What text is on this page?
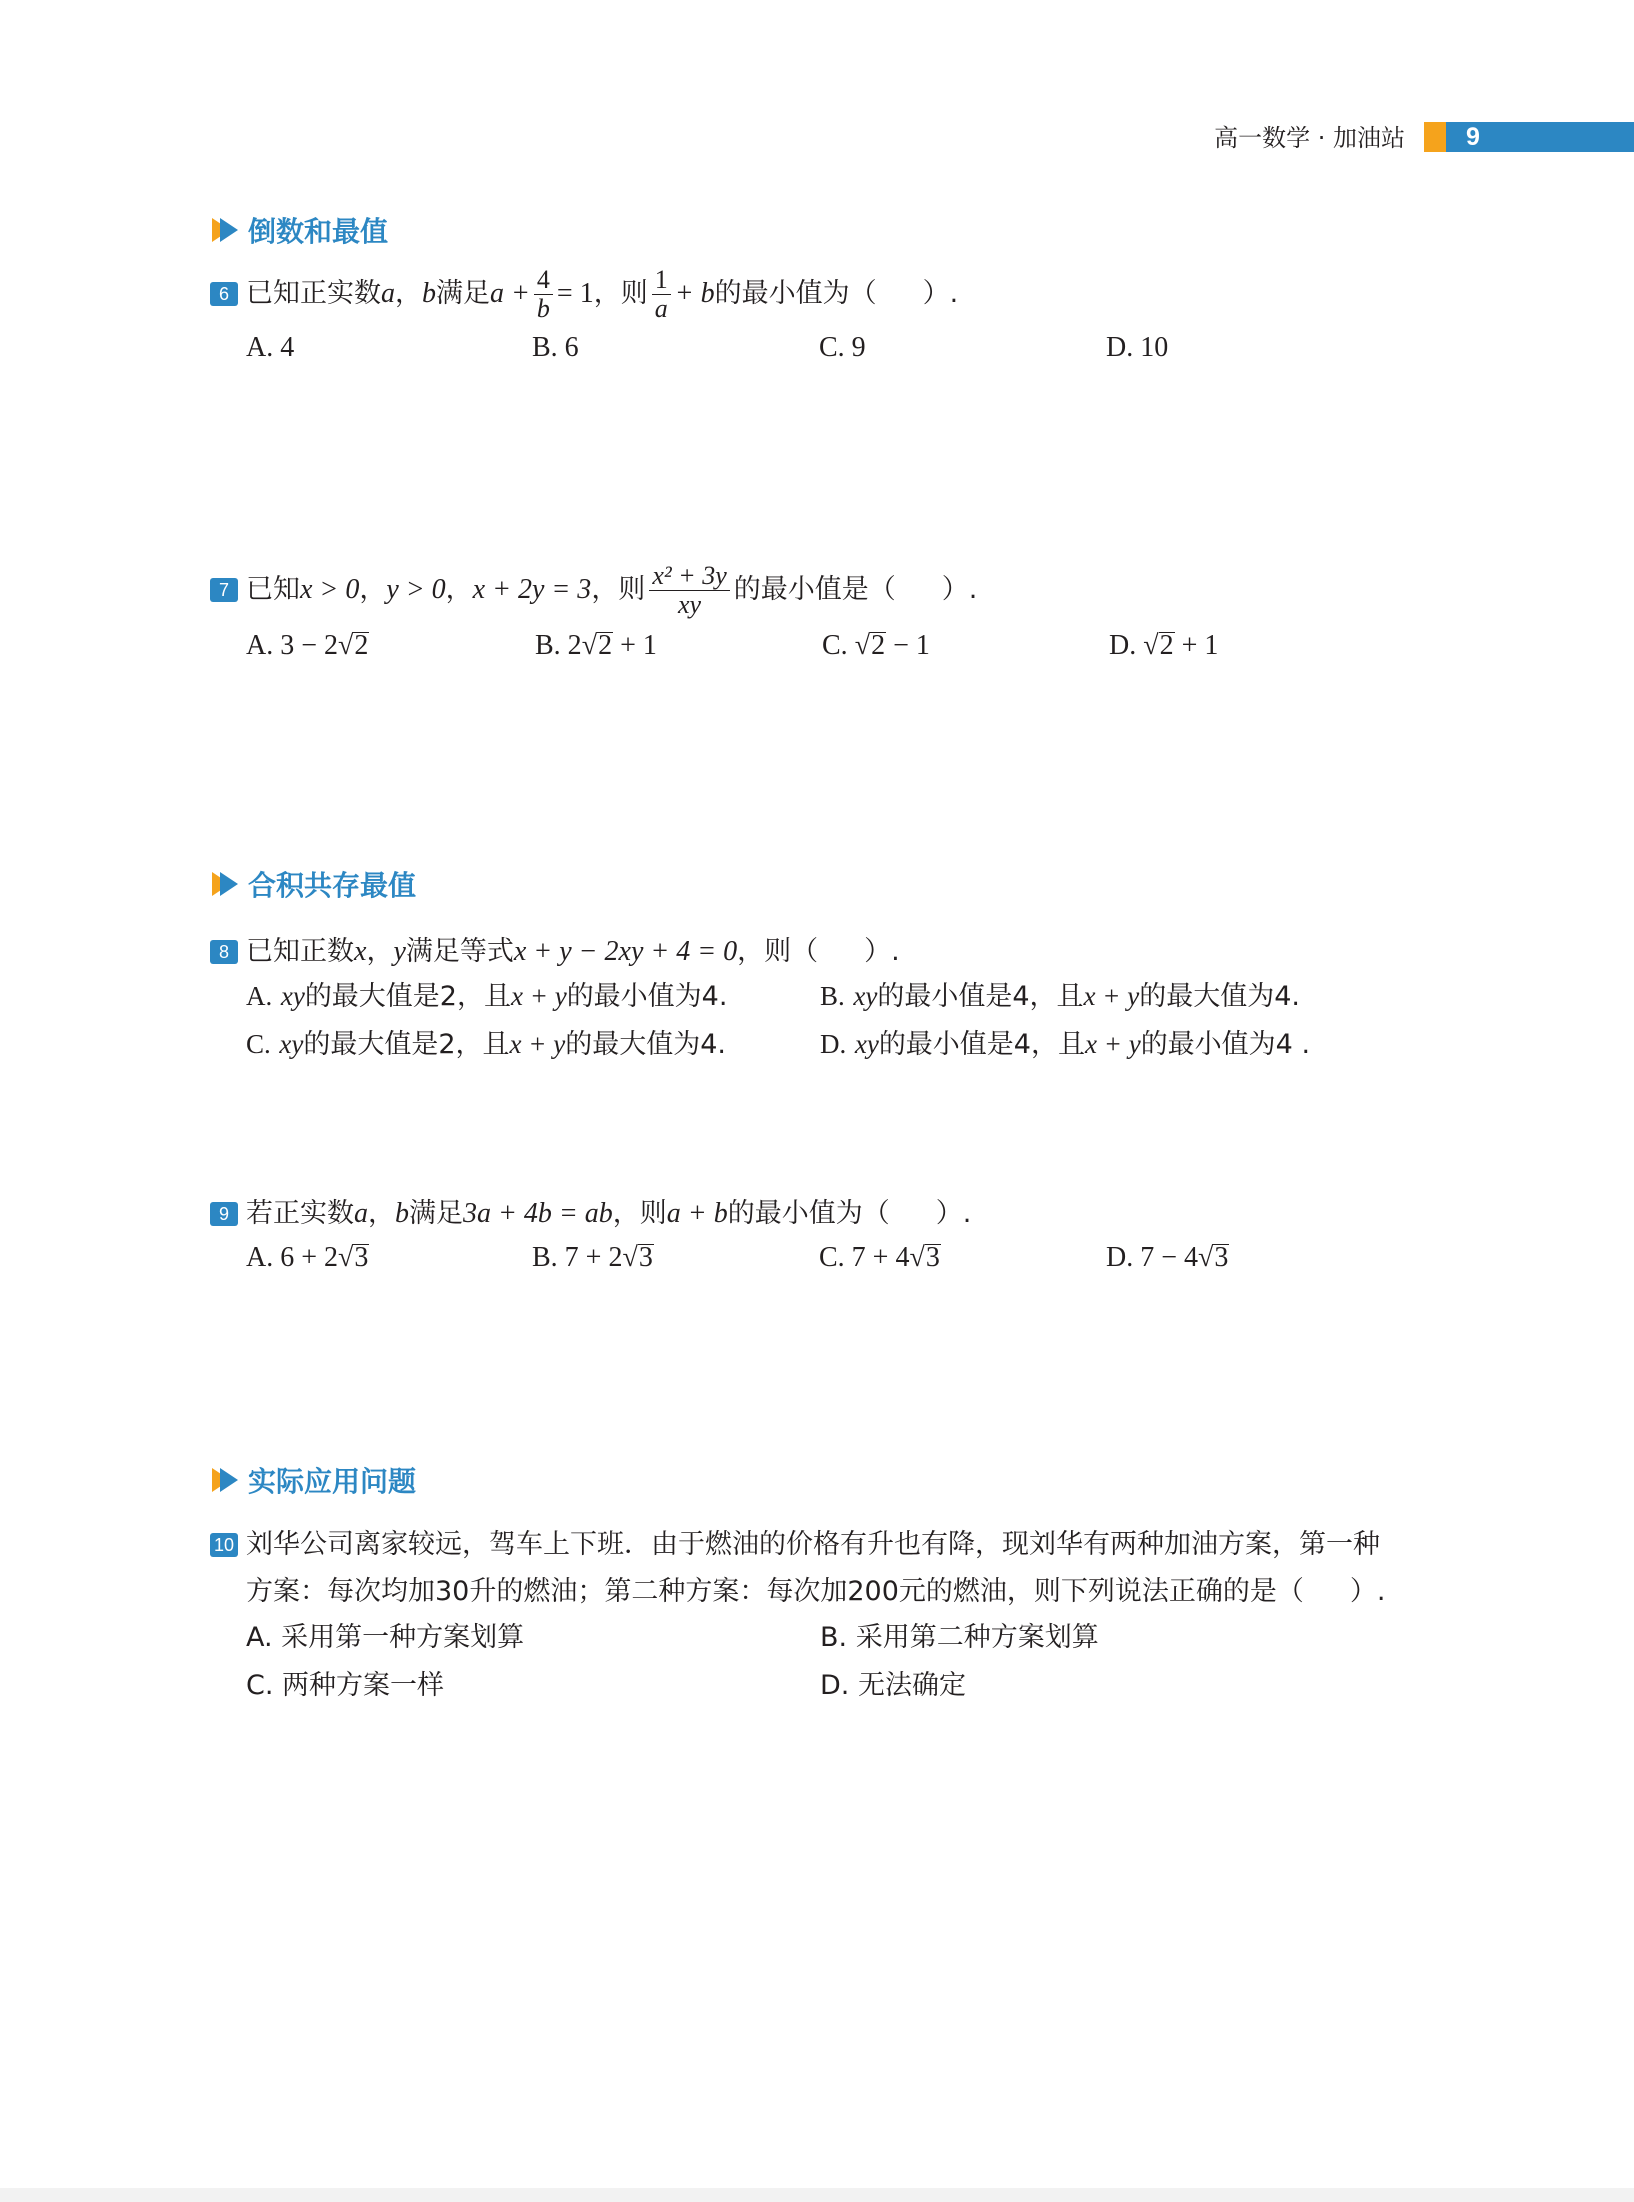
高一数学 · 加油站 9
倒数和最值
6 已知正实数 a ， b 满足 $a + \frac{4}{b} = 1$ ，则 $\frac{1}{a} + b$ 的最小值为（ ）.
A. 4	B. 6	C. 9	D. 10
7 已知 x > 0 ， y > 0 ， x + 2y = 3 ，则 $\frac{\text{x² + 3y}}{xy}$ 的最小值是（ ）.
A. 3 − 2√2	B. 2√2 + 1	C. √2 − 1	D. √2 + 1
合积共存最值
8 已知正数 x ， y 满足等式 x + y − 2xy + 4 = 0 ，则（ ）.
A. xy的最大值是2，且x + y的最小值为4.	B. xy的最小值是4，且x + y的最大值为4.
C. xy的最大值是2，且x + y的最大值为4.	D. xy的最小值是4，且x + y的最小值为4 .
9 若正实数 a ， b 满足 3a + 4b = ab ，则 a + b 的最小值为（ ）.
A. 6 + 2√3	B. 7 + 2√3	C. 7 + 4√3	D. 7 − 4√3
实际应用问题
10 刘华公司离家较远，驾车上下班．由于燃油的价格有升也有降，现刘华有两种加油方案，第一种
方案：每次均加30升的燃油；第二种方案：每次加200元的燃油，则下列说法正确的是（ ）.
A. 采用第一种方案划算	B. 采用第二种方案划算
C. 两种方案一样	D. 无法确定
